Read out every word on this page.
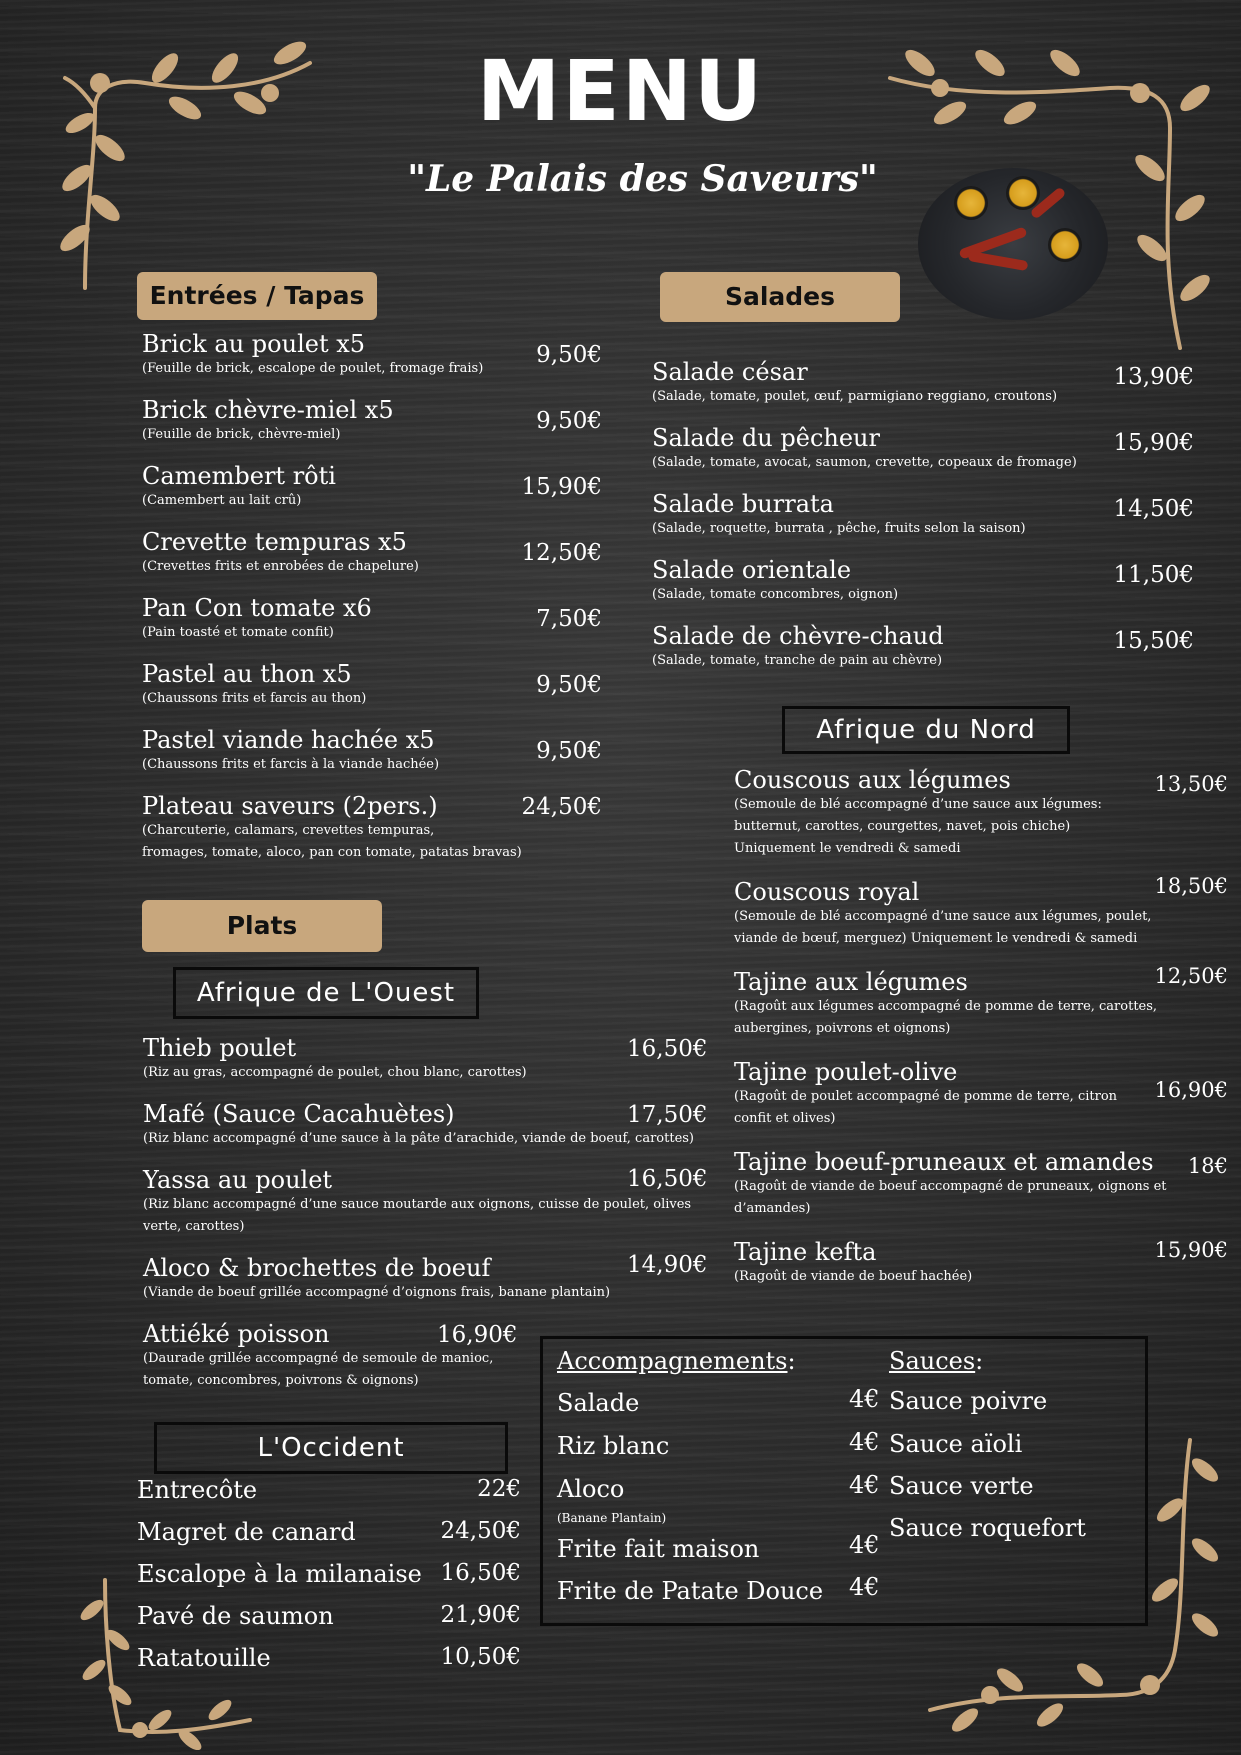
MENU
"Le Palais des Saveurs"
Entrées / Tapas
Brick au poulet x5
(Feuille de brick, escalope de poulet, fromage frais)
9,50€
Brick chèvre-miel x5
(Feuille de brick, chèvre-miel)
9,50€
Camembert rôti
(Camembert au lait crû)
15,90€
Crevette tempuras x5
(Crevettes frits et enrobées de chapelure)
12,50€
Pan Con tomate x6
(Pain toasté et tomate confit)
7,50€
Pastel au thon x5
(Chaussons frits et farcis au thon)
9,50€
Pastel viande hachée x5
(Chaussons frits et farcis à la viande hachée)
9,50€
Plateau saveurs (2pers.)
(Charcuterie, calamars, crevettes tempuras,
fromages, tomate, aloco, pan con tomate, patatas bravas)
24,50€
Salades
Salade césar
(Salade, tomate, poulet, œuf, parmigiano reggiano, croutons)
13,90€
Salade du pêcheur
(Salade, tomate, avocat, saumon, crevette, copeaux de fromage)
15,90€
Salade burrata
(Salade, roquette, burrata , pêche, fruits selon la saison)
14,50€
Salade orientale
(Salade, tomate concombres, oignon)
11,50€
Salade de chèvre-chaud
(Salade, tomate, tranche de pain au chèvre)
15,50€
Afrique du Nord
Couscous aux légumes
(Semoule de blé accompagné d’une sauce aux légumes:
butternut, carottes, courgettes, navet, pois chiche)
Uniquement le vendredi & samedi
13,50€
Couscous royal
(Semoule de blé accompagné d’une sauce aux légumes, poulet,
viande de bœuf, merguez) Uniquement le vendredi & samedi
18,50€
Tajine aux légumes
(Ragoût aux légumes accompagné de pomme de terre, carottes,
aubergines, poivrons et oignons)
12,50€
Tajine poulet-olive
(Ragoût de poulet accompagné de pomme de terre, citron
confit et olives)
16,90€
Tajine boeuf-pruneaux et amandes
(Ragoût de viande de boeuf accompagné de pruneaux, oignons et
d’amandes)
18€
Tajine kefta
(Ragoût de viande de boeuf hachée)
15,90€
Plats
Afrique de L'Ouest
Thieb poulet
(Riz au gras, accompagné de poulet, chou blanc, carottes)
16,50€
Mafé (Sauce Cacahuètes)
(Riz blanc accompagné d’une sauce à la pâte d’arachide, viande de boeuf, carottes)
17,50€
Yassa au poulet
(Riz blanc accompagné d’une sauce moutarde aux oignons, cuisse de poulet, olives
verte, carottes)
16,50€
Aloco & brochettes de boeuf
(Viande de boeuf grillée accompagné d’oignons frais, banane plantain)
14,90€
Attiéké poisson
(Daurade grillée accompagné de semoule de manioc,
tomate, concombres, poivrons & oignons)
16,90€
L'Occident
Entrecôte	22€
Magret de canard	24,50€
Escalope à la milanaise 16,50€
Pavé de saumon	21,90€
Ratatouille	10,50€
Accompagnements:	Sauces:
Salade	4€
Riz blanc	4€
Aloco
(Banane Plantain)
4€
Frite fait maison	4€
Frite de Patate Douce 4€
Sauce poivre
Sauce aïoli
Sauce verte
Sauce roquefort
